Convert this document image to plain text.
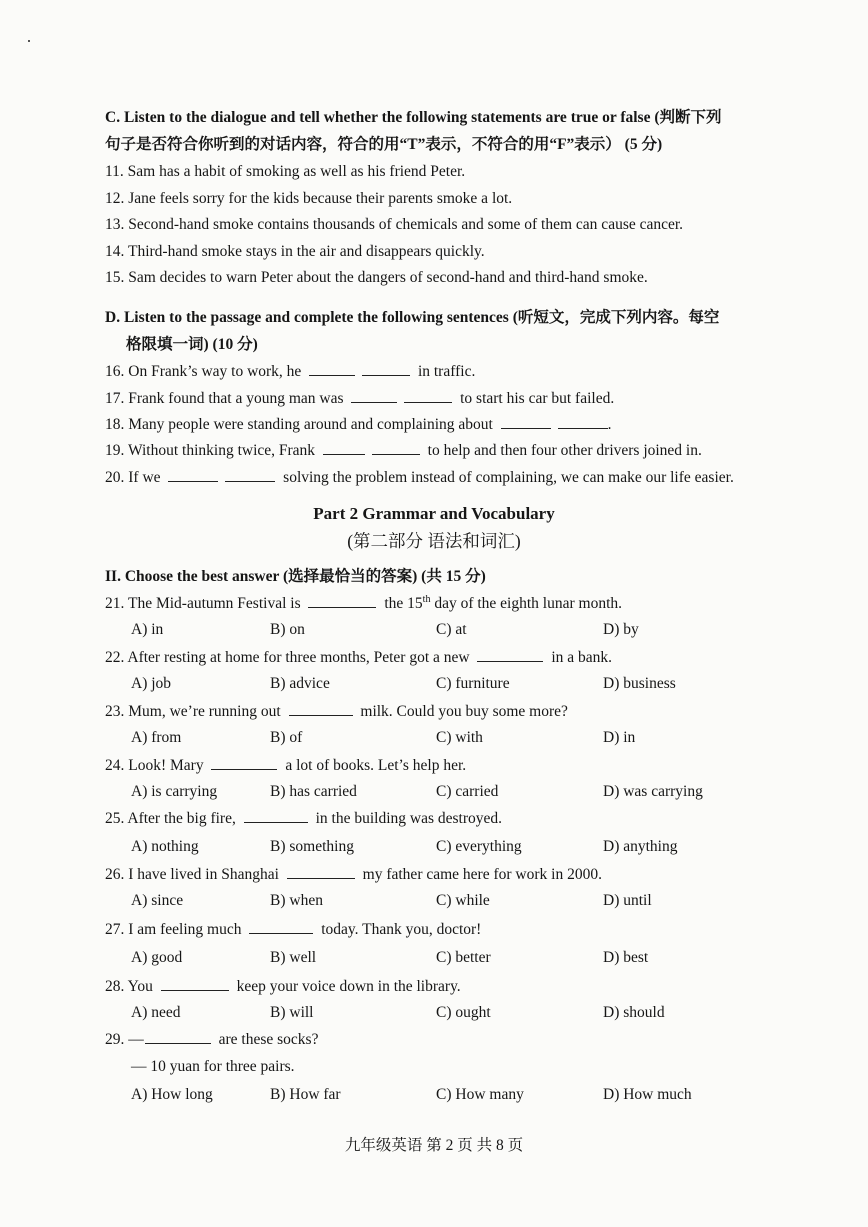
C. Listen to the dialogue and tell whether the following statements are true or false (判断下列
句子是否符合你听到的对话内容，符合的用“T”表示，不符合的用“F”表示） (5 分)
11. Sam has a habit of smoking as well as his friend Peter.
12. Jane feels sorry for the kids because their parents smoke a lot.
13. Second-hand smoke contains thousands of chemicals and some of them can cause cancer.
14. Third-hand smoke stays in the air and disappears quickly.
15. Sam decides to warn Peter about the dangers of second-hand and third-hand smoke.
D. Listen to the passage and complete the following sentences (听短文，完成下列内容。每空
格限填一词) (10 分)
16. On Frank’s way to work, he	in traffic.
17. Frank found that a young man was	to start his car but failed.
18. Many people were standing around and complaining about	.
19. Without thinking twice, Frank	to help and then four other drivers joined in.
20. If we	solving the problem instead of complaining, we can make our life easier.
Part 2 Grammar and Vocabulary
(第二部分 语法和词汇)
II. Choose the best answer (选择最恰当的答案) (共 15 分)
21. The Mid-autumn Festival is	the 15th day of the eighth lunar month.
A) in	B) on	C) at	D) by
22. After resting at home for three months, Peter got a new	in a bank.
A) job	B) advice	C) furniture	D) business
23. Mum, we’re running out	milk. Could you buy some more?
A) from	B) of	C) with	D) in
24. Look! Mary	a lot of books. Let’s help her.
A) is carrying	B) has carried	C) carried	D) was carrying
25. After the big fire,	in the building was destroyed.
A) nothing	B) something	C) everything	D) anything
26. I have lived in Shanghai	my father came here for work in 2000.
A) since	B) when	C) while	D) until
27. I am feeling much	today. Thank you, doctor!
A) good	B) well	C) better	D) best
28. You	keep your voice down in the library.
A) need	B) will	C) ought	D) should
29. —	are these socks?
— 10 yuan for three pairs.
A) How long	B) How far	C) How many	D) How much
九年级英语 第 2 页 共 8 页
